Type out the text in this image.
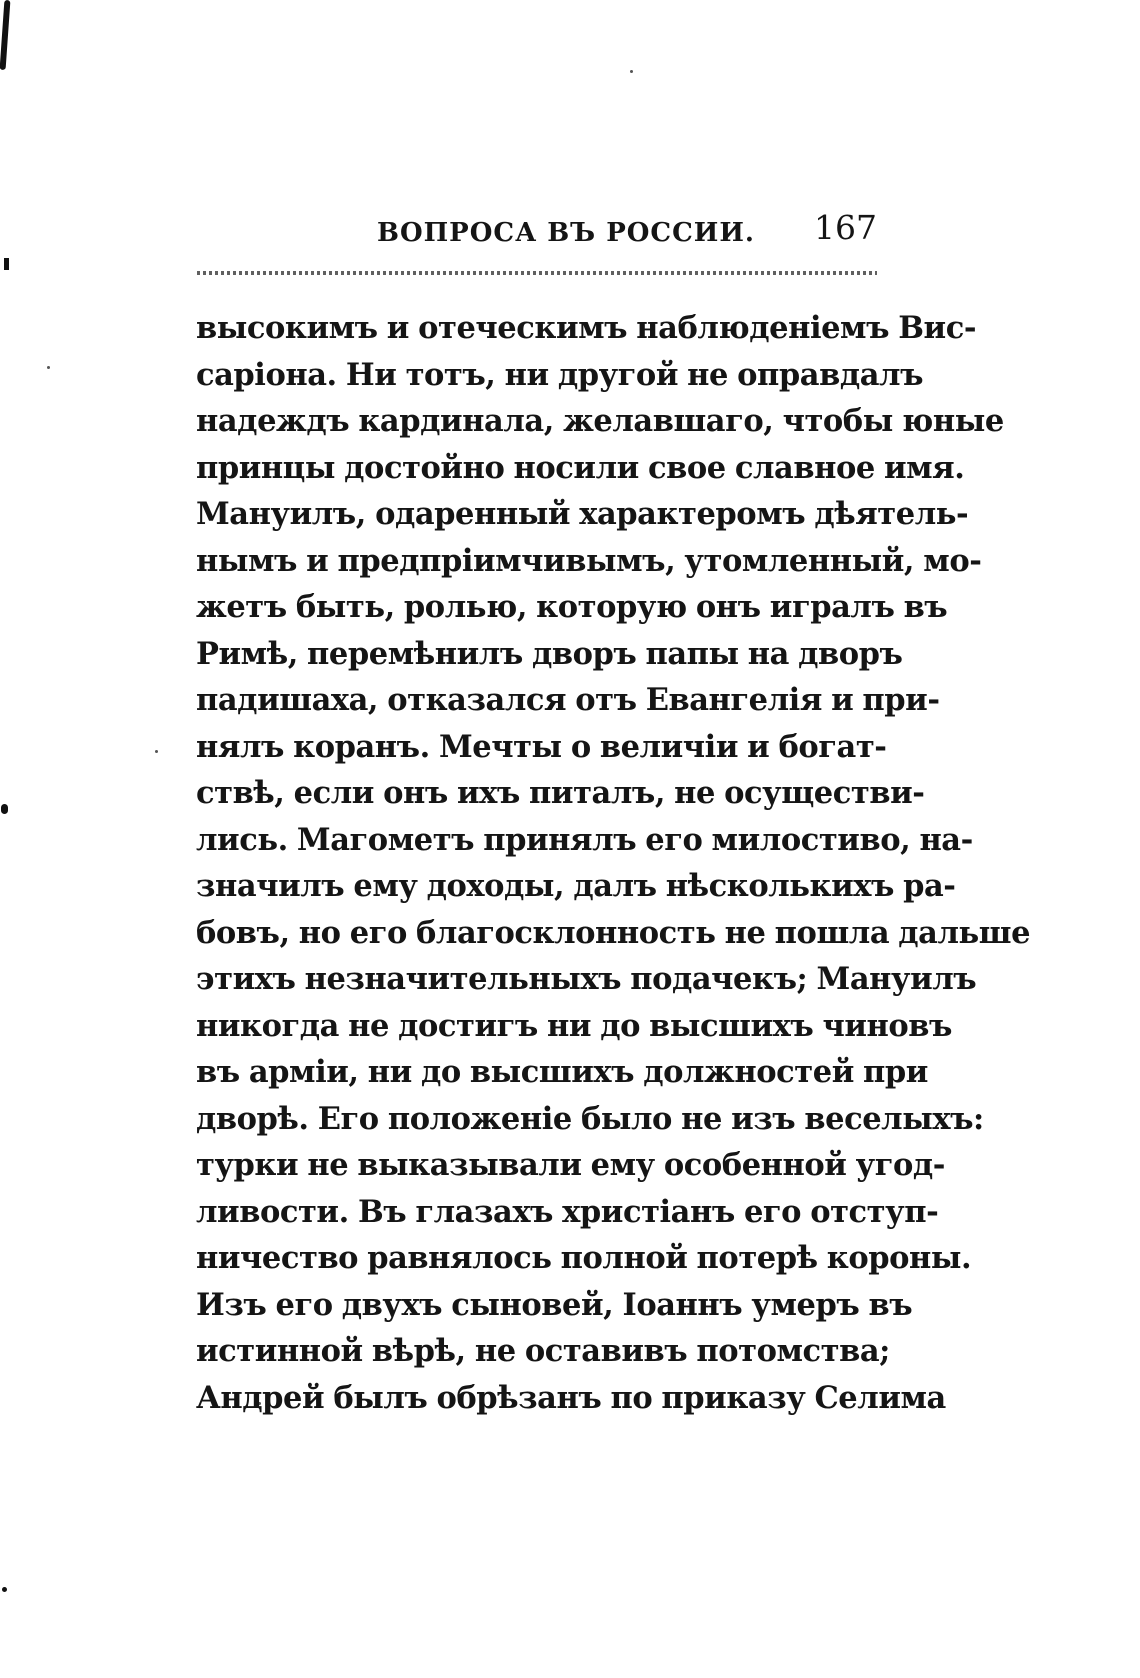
ВОПРОСА ВЪ РОССИИ. 167
высокимъ и отеческимъ наблюденіемъ Вис-
саріона. Ни тотъ, ни другой не оправдалъ
надеждъ кардинала, желавшаго, чтобы юные
принцы достойно носили свое славное имя.
Мануилъ, одаренный характеромъ дѣятель-
нымъ и предпріимчивымъ, утомленный, мо-
жетъ быть, ролью, которую онъ игралъ въ
Римѣ, перемѣнилъ дворъ папы на дворъ
падишаха, отказался отъ Евангелія и при-
нялъ коранъ. Мечты о величіи и богат-
ствѣ, если онъ ихъ питалъ, не осуществи-
лись. Магометъ принялъ его милостиво, на-
значилъ ему доходы, далъ нѣсколькихъ ра-
бовъ, но его благосклонность не пошла дальше
этихъ незначительныхъ подачекъ; Мануилъ
никогда не достигъ ни до высшихъ чиновъ
въ арміи, ни до высшихъ должностей при
дворѣ. Его положеніе было не изъ веселыхъ:
турки не выказывали ему особенной угод-
ливости. Въ глазахъ христіанъ его отступ-
ничество равнялось полной потерѣ короны.
Изъ его двухъ сыновей, Іоаннъ умеръ въ
истинной вѣрѣ, не оставивъ потомства;
Андрей былъ обрѣзанъ по приказу Селима
